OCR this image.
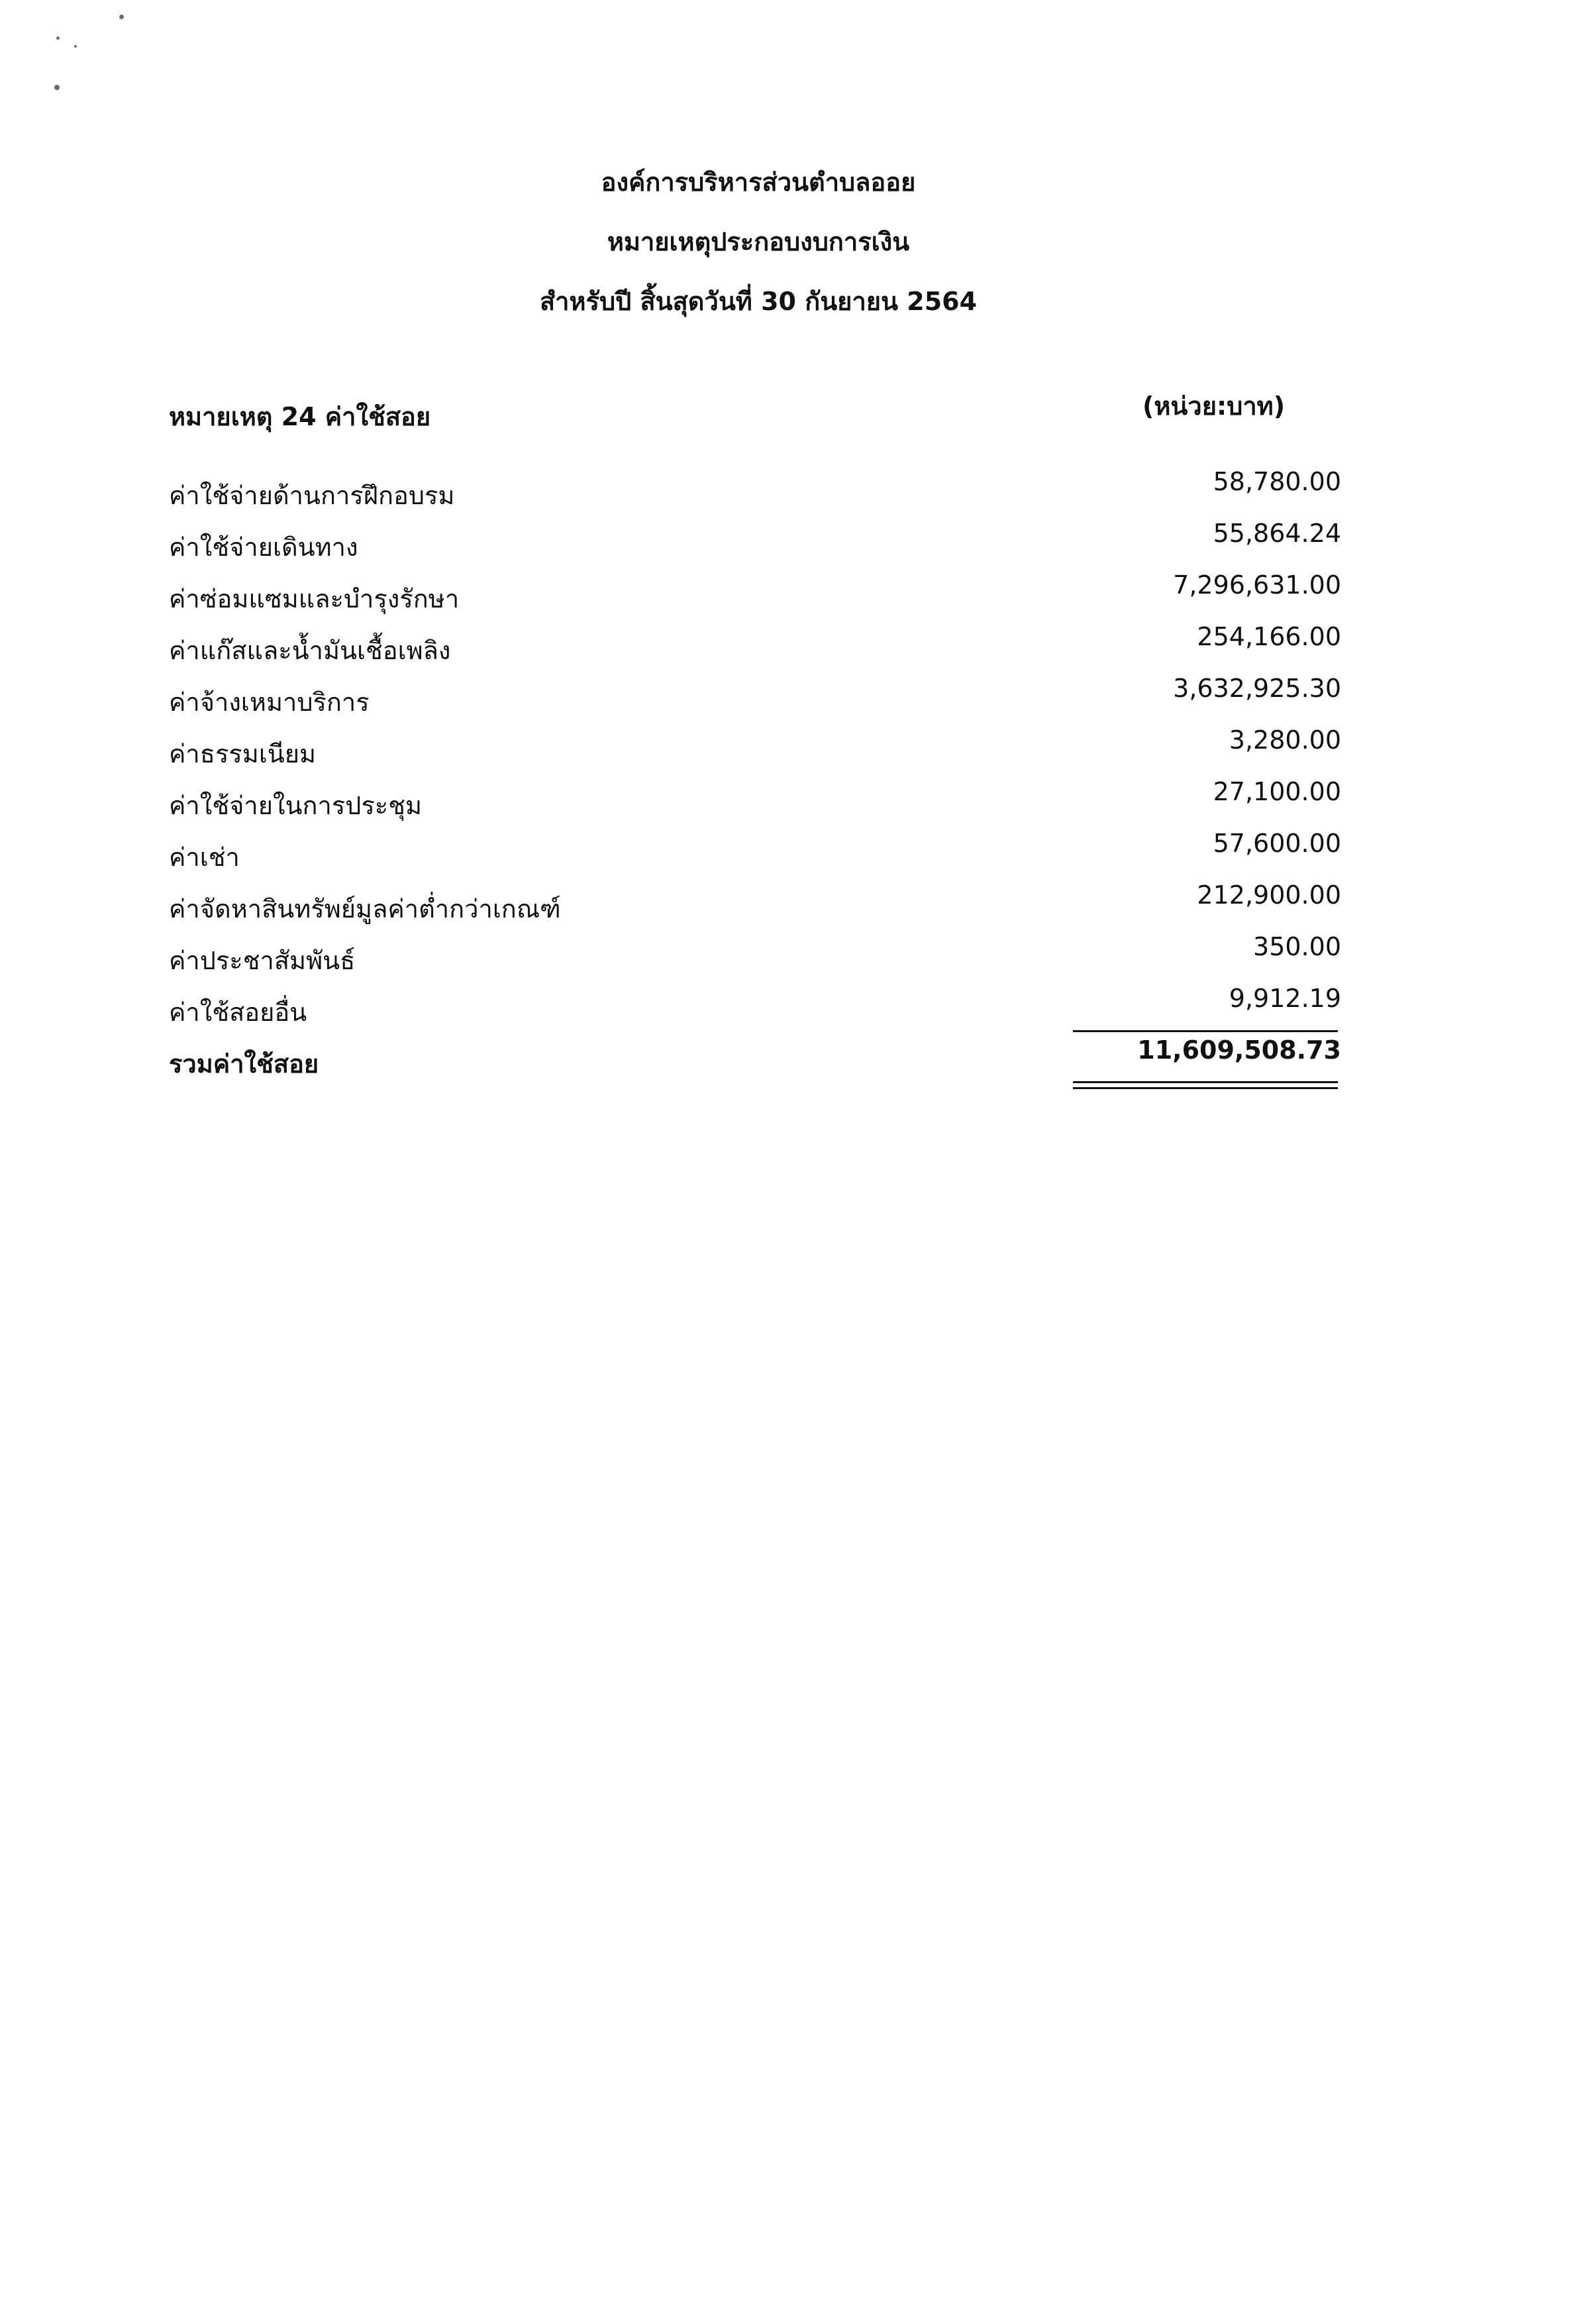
องค์การบริหารส่วนตำบลออย
หมายเหตุประกอบงบการเงิน
สำหรับปี สิ้นสุดวันที่ 30 กันยายน 2564
หมายเหตุ 24 ค่าใช้สอย	(หน่วย:บาท)
ค่าใช้จ่ายด้านการฝึกอบรม	58,780.00
ค่าใช้จ่ายเดินทาง	55,864.24
ค่าซ่อมแซมและบำรุงรักษา	7,296,631.00
ค่าแก๊สและน้ำมันเชื้อเพลิง	254,166.00
ค่าจ้างเหมาบริการ	3,632,925.30
ค่าธรรมเนียม	3,280.00
ค่าใช้จ่ายในการประชุม	27,100.00
ค่าเช่า	57,600.00
ค่าจัดหาสินทรัพย์มูลค่าต่ำกว่าเกณฑ์	212,900.00
ค่าประชาสัมพันธ์	350.00
ค่าใช้สอยอื่น	9,912.19
รวมค่าใช้สอย	11,609,508.73
